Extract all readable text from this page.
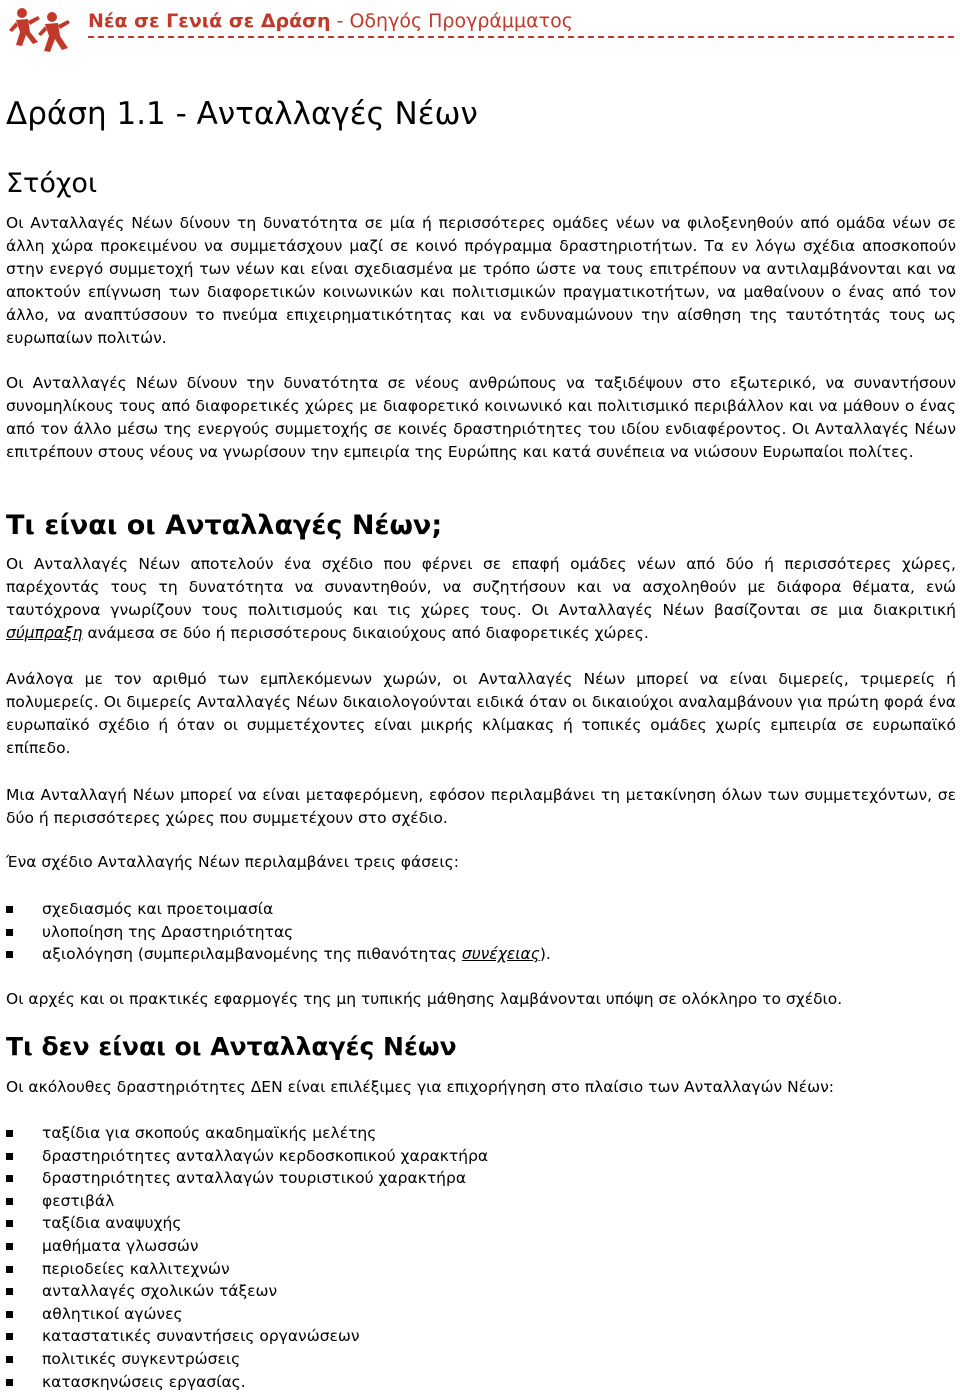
Νέα σε Γενιά σε Δράση - Οδηγός Προγράμματος
Δράση 1.1 - Ανταλλαγές Νέων
Στόχοι

Οι Ανταλλαγές Νέων δίνουν τη δυνατότητα σε μία ή περισσότερες ομάδες νέων να φιλοξενηθούν από ομάδα νέων σε άλλη χώρα προκειμένου να συμμετάσχουν μαζί σε κοινό πρόγραμμα δραστηριοτήτων. Τα εν λόγω σχέδια αποσκοπούν στην ενεργό συμμετοχή των νέων και είναι σχεδιασμένα με τρόπο ώστε να τους επιτρέπουν να αντιλαμβάνονται και να αποκτούν επίγνωση των διαφορετικών κοινωνικών και πολιτισμικών πραγματικοτήτων, να μαθαίνουν ο ένας από τον άλλο, να αναπτύσσουν το πνεύμα επιχειρηματικότητας και να ενδυναμώνουν την αίσθηση της ταυτότητάς τους ως ευρωπαίων πολιτών.

Οι Ανταλλαγές Νέων δίνουν την δυνατότητα σε νέους ανθρώπους να ταξιδέψουν στο εξωτερικό, να συναντήσουν συνομηλίκους τους από διαφορετικές χώρες με διαφορετικό κοινωνικό και πολιτισμικό περιβάλλον και να μάθουν ο ένας από τον άλλο μέσω της ενεργούς συμμετοχής σε κοινές δραστηριότητες του ιδίου ενδιαφέροντος. Οι Ανταλλαγές Νέων επιτρέπουν στους νέους να γνωρίσουν την εμπειρία της Ευρώπης και κατά συνέπεια να νιώσουν Ευρωπαίοι πολίτες.

Τι είναι οι Ανταλλαγές Νέων;

Οι Ανταλλαγές Νέων αποτελούν ένα σχέδιο που φέρνει σε επαφή ομάδες νέων από δύο ή περισσότερες χώρες, παρέχοντάς τους τη δυνατότητα να συναντηθούν, να συζητήσουν και να ασχοληθούν με διάφορα θέματα, ενώ ταυτόχρονα γνωρίζουν τους πολιτισμούς και τις χώρες τους. Οι Ανταλλαγές Νέων βασίζονται σε μια διακριτική σύμπραξη ανάμεσα σε δύο ή περισσότερους δικαιούχους από διαφορετικές χώρες.

Ανάλογα με τον αριθμό των εμπλεκόμενων χωρών, οι Ανταλλαγές Νέων μπορεί να είναι διμερείς, τριμερείς ή πολυμερείς. Οι διμερείς Ανταλλαγές Νέων δικαιολογούνται ειδικά όταν οι δικαιούχοι αναλαμβάνουν για πρώτη φορά ένα ευρωπαϊκό σχέδιο ή όταν οι συμμετέχοντες είναι μικρής κλίμακας ή τοπικές ομάδες χωρίς εμπειρία σε ευρωπαϊκό επίπεδο.

Μια Ανταλλαγή Νέων μπορεί να είναι μεταφερόμενη, εφόσον περιλαμβάνει τη μετακίνηση όλων των συμμετεχόντων, σε δύο ή περισσότερες χώρες που συμμετέχουν στο σχέδιο.

Ένα σχέδιο Ανταλλαγής Νέων περιλαμβάνει τρεις φάσεις:

σχεδιασμός και προετοιμασία
υλοποίηση της Δραστηριότητας
αξιολόγηση (συμπεριλαμβανομένης της πιθανότητας συνέχειας).

Οι αρχές και οι πρακτικές εφαρμογές της μη τυπικής μάθησης λαμβάνονται υπόψη σε ολόκληρο το σχέδιο.

Τι δεν είναι οι Ανταλλαγές Νέων

Οι ακόλουθες δραστηριότητες ΔΕΝ είναι επιλέξιμες για επιχορήγηση στο πλαίσιο των Ανταλλαγών Νέων:

ταξίδια για σκοπούς ακαδημαϊκής μελέτης
δραστηριότητες ανταλλαγών κερδοσκοπικού χαρακτήρα
δραστηριότητες ανταλλαγών τουριστικού χαρακτήρα
φεστιβάλ
ταξίδια αναψυχής
μαθήματα γλωσσών
περιοδείες καλλιτεχνών
ανταλλαγές σχολικών τάξεων
αθλητικοί αγώνες
καταστατικές συναντήσεις οργανώσεων
πολιτικές συγκεντρώσεις
κατασκηνώσεις εργασίας.
